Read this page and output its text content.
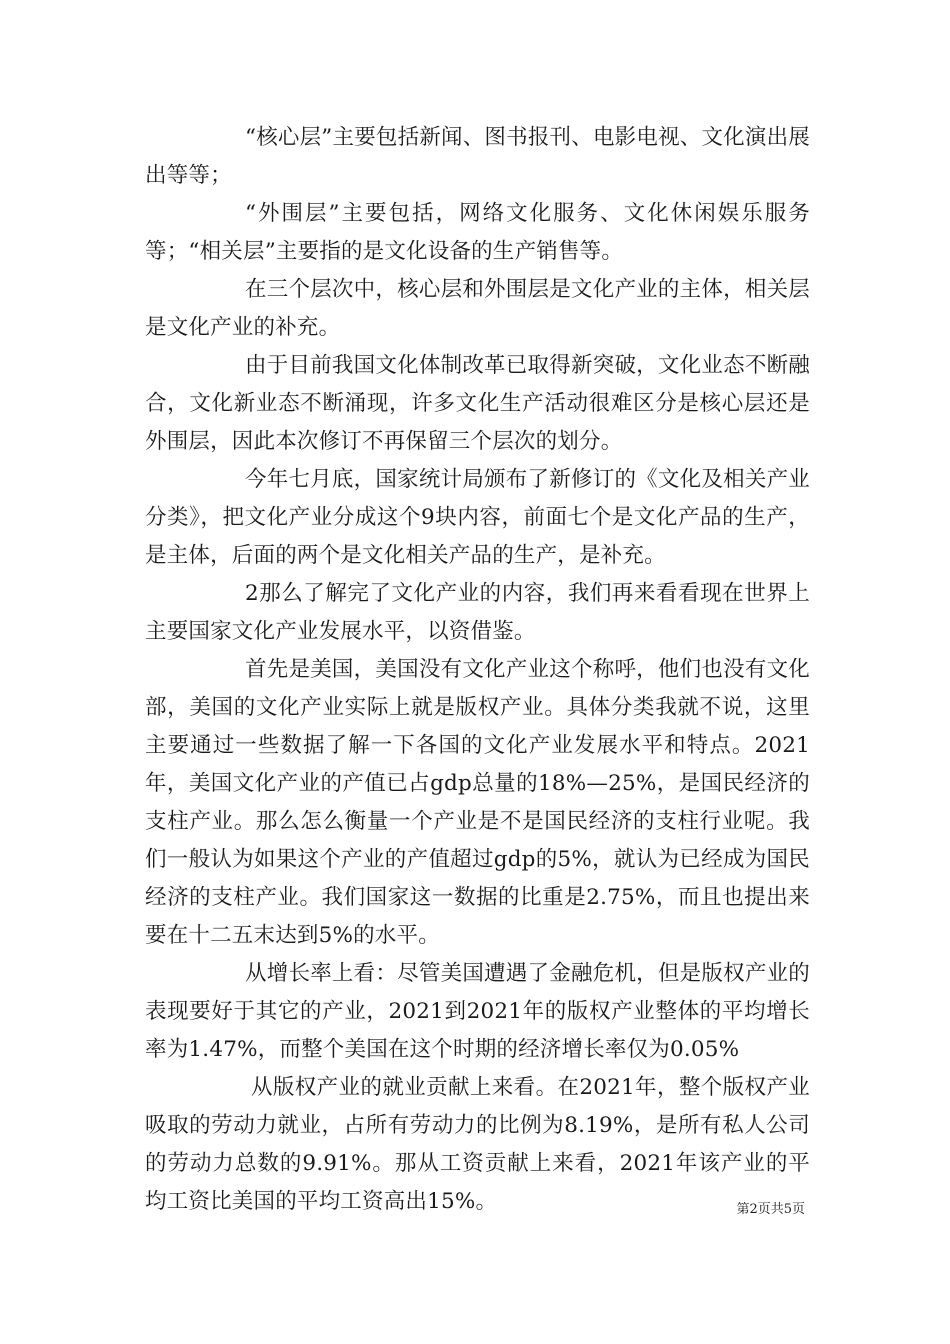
“核心层”主要包括新闻、图书报刊、电影电视、文化演出展出等等；

“外围层”主要包括，网络文化服务、文化休闲娱乐服务等；“相关层”主要指的是文化设备的生产销售等。

在三个层次中，核心层和外围层是文化产业的主体，相关层是文化产业的补充。

由于目前我国文化体制改革已取得新突破，文化业态不断融合，文化新业态不断涌现，许多文化生产活动很难区分是核心层还是外围层，因此本次修订不再保留三个层次的划分。

今年七月底，国家统计局颁布了新修订的《文化及相关产业分类》，把文化产业分成这个9块内容，前面七个是文化产品的生产，是主体，后面的两个是文化相关产品的生产，是补充。

2那么了解完了文化产业的内容，我们再来看看现在世界上主要国家文化产业发展水平，以资借鉴。

首先是美国，美国没有文化产业这个称呼，他们也没有文化部，美国的文化产业实际上就是版权产业。具体分类我就不说，这里主要通过一些数据了解一下各国的文化产业发展水平和特点。2021年，美国文化产业的产值已占gdp总量的18%—25%，是国民经济的支柱产业。那么怎么衡量一个产业是不是国民经济的支柱行业呢。我们一般认为如果这个产业的产值超过gdp的5%，就认为已经成为国民经济的支柱产业。我们国家这一数据的比重是2.75%，而且也提出来要在十二五末达到5%的水平。

从增长率上看：尽管美国遭遇了金融危机，但是版权产业的表现要好于其它的产业，2021到2021年的版权产业整体的平均增长率为1.47%，而整个美国在这个时期的经济增长率仅为0.05%

从版权产业的就业贡献上来看。在2021年，整个版权产业吸取的劳动力就业，占所有劳动力的比例为8.19%，是所有私人公司的劳动力总数的9.91%。那从工资贡献上来看，2021年该产业的平均工资比美国的平均工资高出15%。	第2页共5页
